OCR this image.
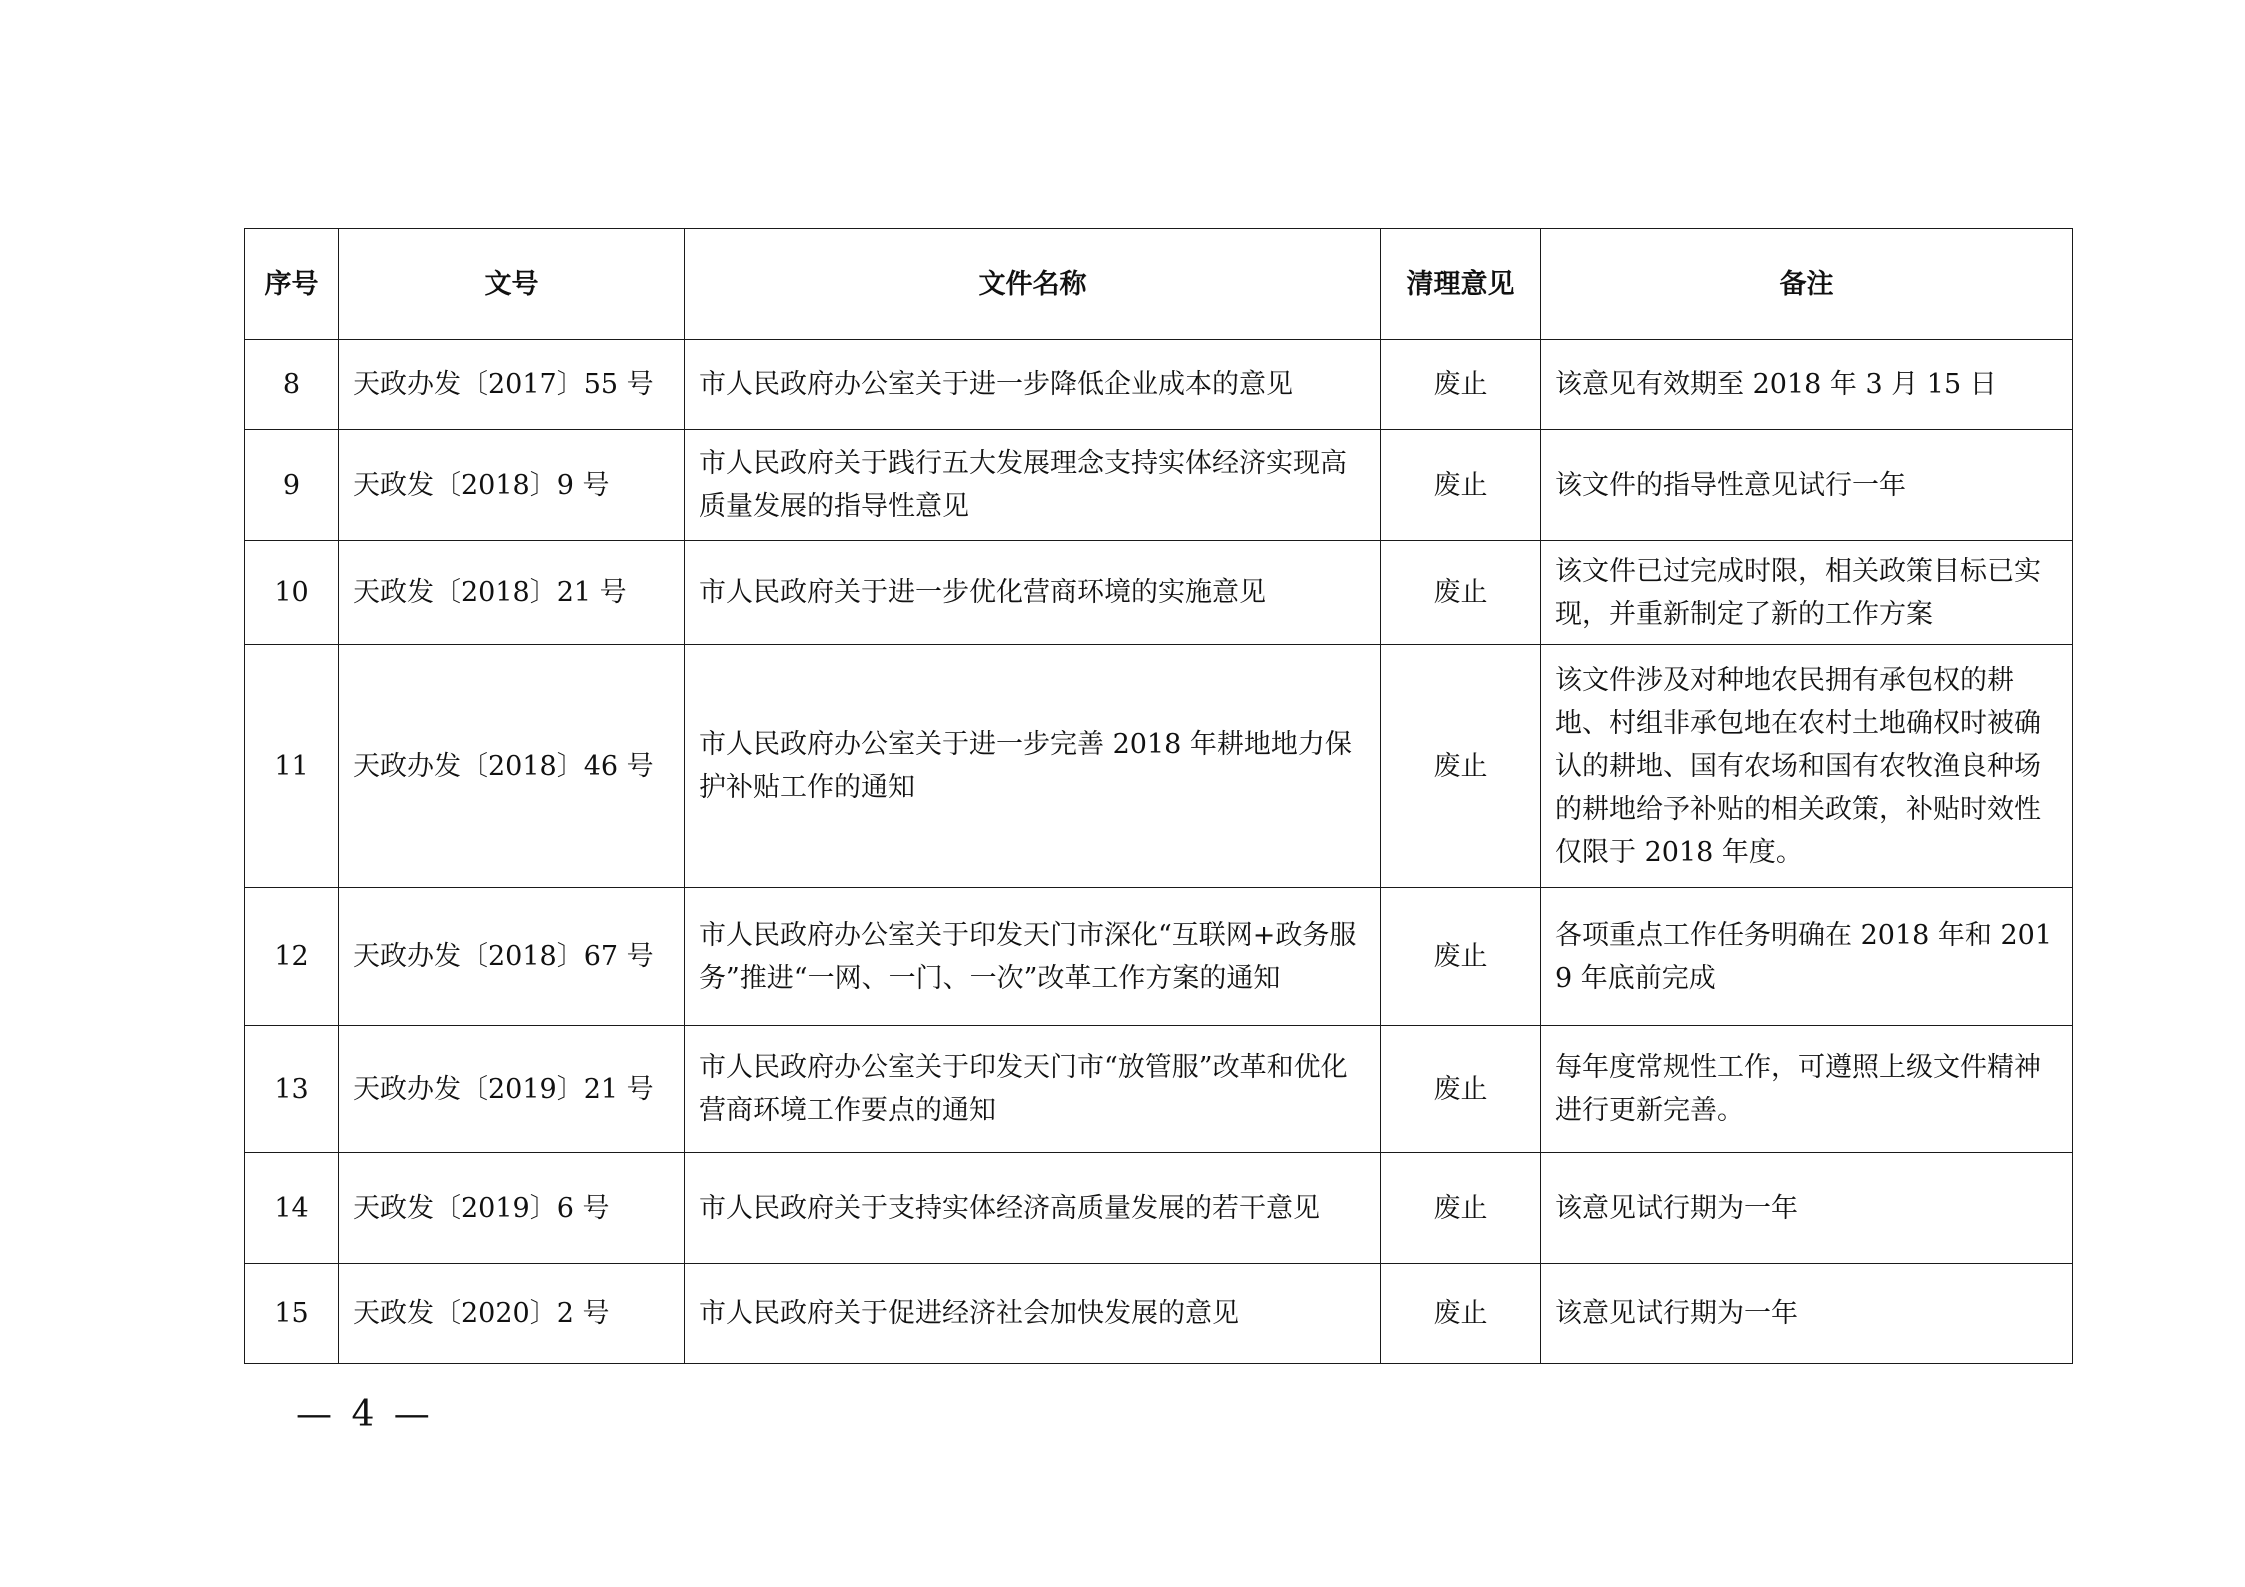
序号	文号	文件名称	清理意见	备注
8	天政办发〔2017〕55 号	市人民政府办公室关于进一步降低企业成本的意见	废止	该意见有效期至 2018 年 3 月 15 日
9	天政发〔2018〕9 号	市人民政府关于践行五大发展理念支持实体经济实现高质量发展的指导性意见	废止	该文件的指导性意见试行一年
10	天政发〔2018〕21 号	市人民政府关于进一步优化营商环境的实施意见	废止	该文件已过完成时限，相关政策目标已实现，并重新制定了新的工作方案
11	天政办发〔2018〕46 号	市人民政府办公室关于进一步完善 2018 年耕地地力保护补贴工作的通知	废止	该文件涉及对种地农民拥有承包权的耕地、村组非承包地在农村土地确权时被确认的耕地、国有农场和国有农牧渔良种场的耕地给予补贴的相关政策，补贴时效性仅限于 2018 年度。
12	天政办发〔2018〕67 号	市人民政府办公室关于印发天门市深化“互联网+政务服务”推进“一网、一门、一次”改革工作方案的通知	废止	各项重点工作任务明确在 2018 年和 2019 年底前完成
13	天政办发〔2019〕21 号	市人民政府办公室关于印发天门市“放管服”改革和优化营商环境工作要点的通知	废止	每年度常规性工作，可遵照上级文件精神进行更新完善。
14	天政发〔2019〕6 号	市人民政府关于支持实体经济高质量发展的若干意见	废止	该意见试行期为一年
15	天政发〔2020〕2 号	市人民政府关于促进经济社会加快发展的意见	废止	该意见试行期为一年
— 4 —
